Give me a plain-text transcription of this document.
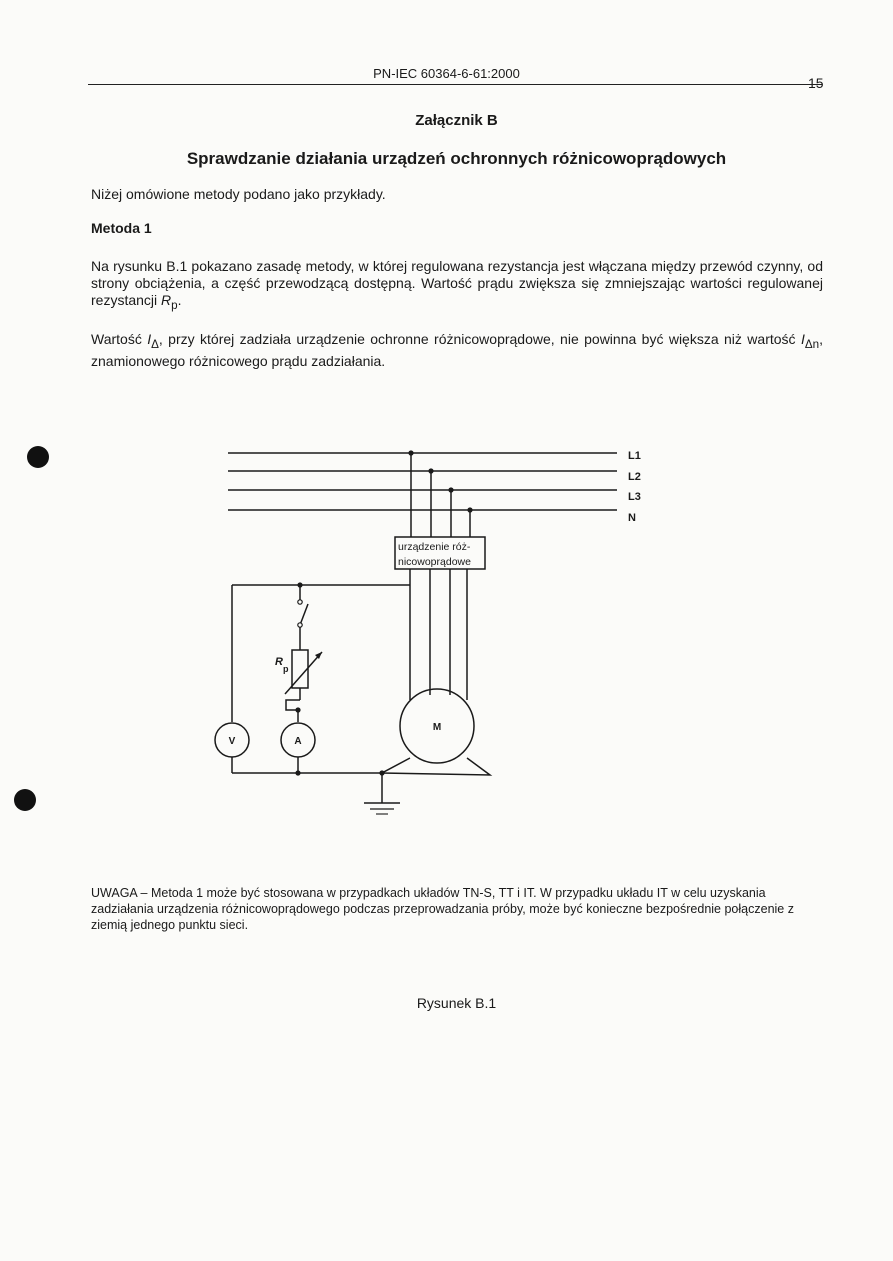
PN-IEC 60364-6-61:2000
15
Załącznik B
Sprawdzanie działania urządzeń ochronnych różnicowoprądowych
Niżej omówione metody podano jako przykłady.
Metoda 1
Na rysunku B.1 pokazano zasadę metody, w której regulowana rezystancja jest włączana między przewód czynny, od strony obciążenia, a część przewodzącą dostępną. Wartość prądu zwiększa się zmniejszając wartości regulowanej rezystancji $R_p$.
Wartość $I_\Delta$, przy której zadziała urządzenie ochronne różnicowoprądowe, nie powinna być większa niż wartość $I_{\Delta n}$, znamionowego różnicowego prądu zadziałania.
L1
L2
L3
N
urządzenie róż-
nicowoprądowe
R
p
V	A
M
UWAGA – Metoda 1 może być stosowana w przypadkach układów TN-S, TT i IT. W przypadku układu IT w celu uzyskania zadziałania urządzenia różnicowoprądowego podczas przeprowadzania próby, może być konieczne bezpośrednie połączenie z ziemią jednego punktu sieci.
Rysunek B.1
